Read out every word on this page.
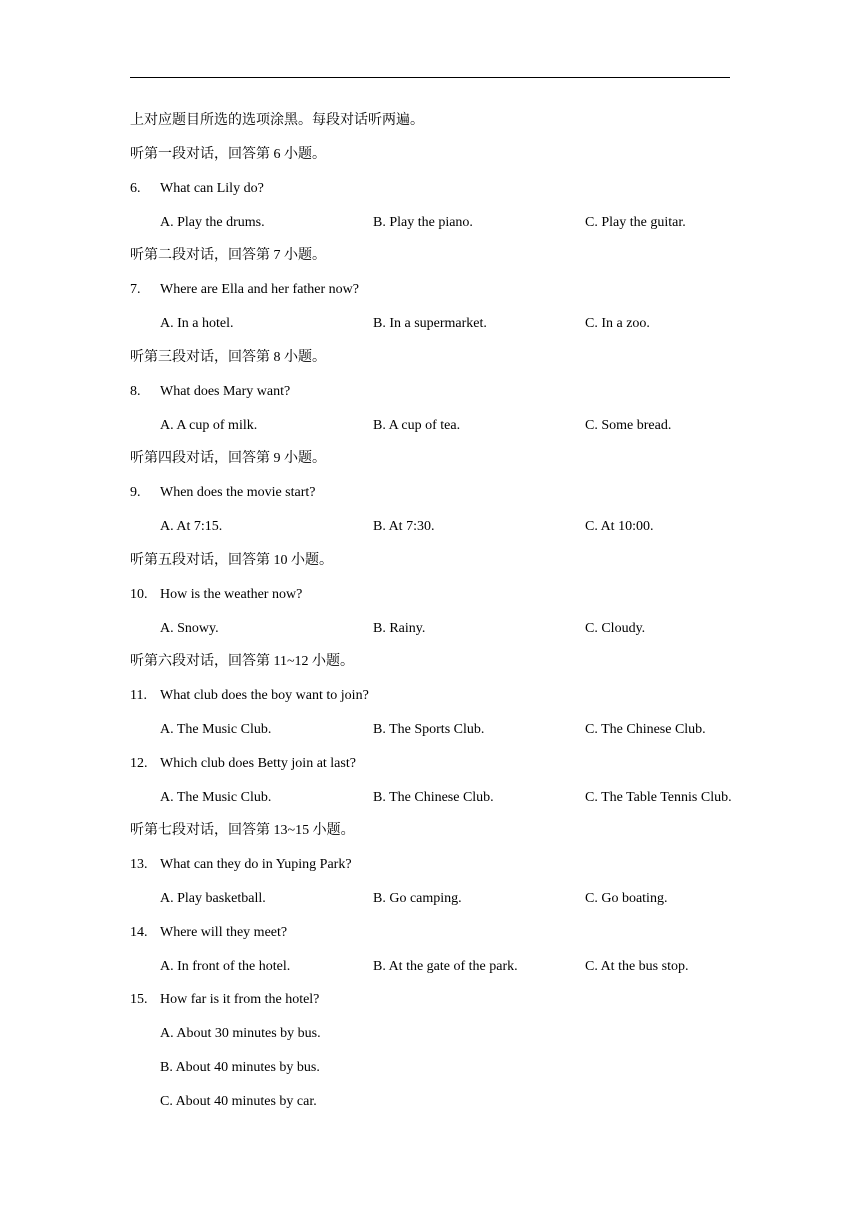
上对应题目所选的选项涂黑。每段对话听两遍。
听第一段对话，回答第 6 小题。
6. What can Lily do?
A. Play the drums.	B. Play the piano.	C. Play the guitar.
听第二段对话，回答第 7 小题。
7. Where are Ella and her father now?
A. In a hotel.	B. In a supermarket.	C. In a zoo.
听第三段对话，回答第 8 小题。
8. What does Mary want?
A. A cup of milk.	B. A cup of tea.	C. Some bread.
听第四段对话，回答第 9 小题。
9. When does the movie start?
A. At 7:15.	B. At 7:30.	C. At 10:00.
听第五段对话，回答第 10 小题。
10. How is the weather now?
A. Snowy.	B. Rainy.	C. Cloudy.
听第六段对话，回答第 11~12 小题。
11. What club does the boy want to join?
A. The Music Club.	B. The Sports Club.	C. The Chinese Club.
12. Which club does Betty join at last?
A. The Music Club.	B. The Chinese Club.	C. The Table Tennis Club.
听第七段对话，回答第 13~15 小题。
13. What can they do in Yuping Park?
A. Play basketball.	B. Go camping.	C. Go boating.
14. Where will they meet?
A. In front of the hotel.	B. At the gate of the park.	C. At the bus stop.
15. How far is it from the hotel?
A. About 30 minutes by bus.
B. About 40 minutes by bus.
C. About 40 minutes by car.
